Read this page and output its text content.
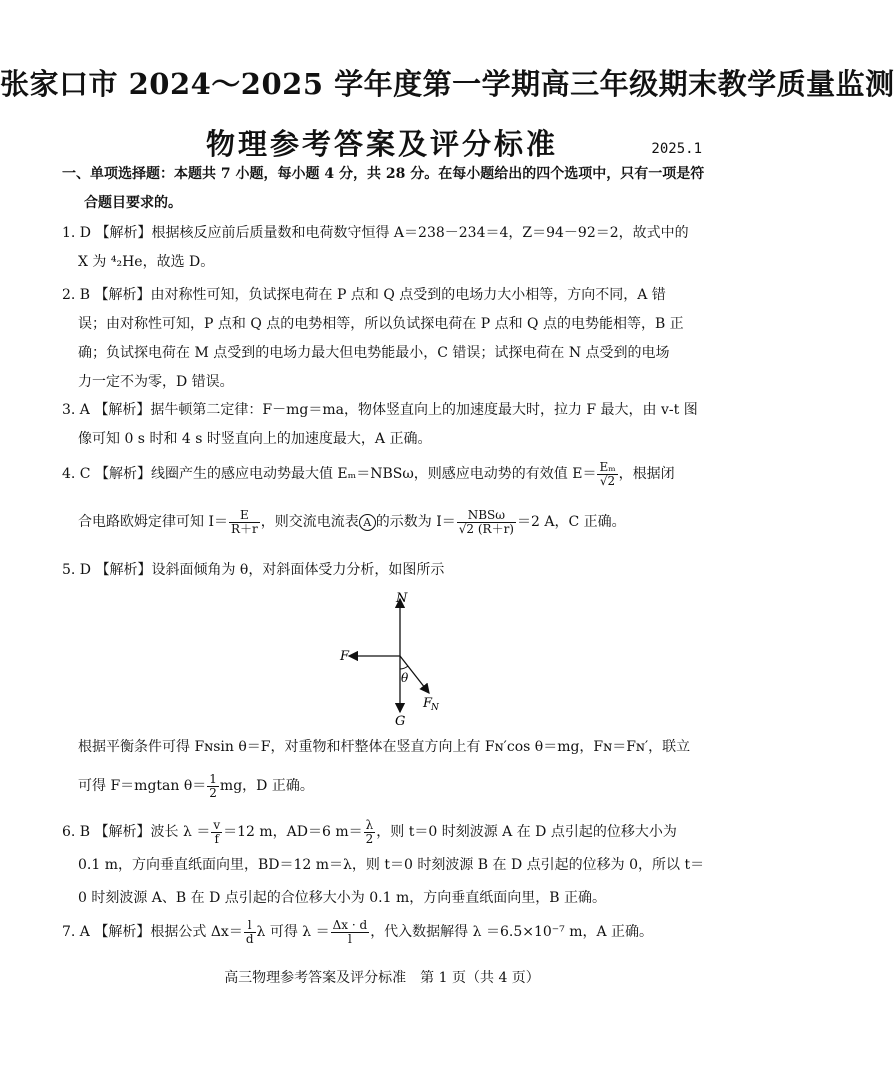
张家口市 2024～2025 学年度第一学期高三年级期末教学质量监测
物理参考答案及评分标准	2025.1
一、单项选择题：本题共 7 小题，每小题 4 分，共 28 分。在每小题给出的四个选项中，只有一项是符
合题目要求的。
1. D 【解析】根据核反应前后质量数和电荷数守恒得 A＝238－234＝4，Z＝94－92＝2，故式中的
X 为 ⁴₂He，故选 D。
2. B 【解析】由对称性可知，负试探电荷在 P 点和 Q 点受到的电场力大小相等，方向不同，A 错
误；由对称性可知，P 点和 Q 点的电势相等，所以负试探电荷在 P 点和 Q 点的电势能相等，B 正
确；负试探电荷在 M 点受到的电场力最大但电势能最小，C 错误；试探电荷在 N 点受到的电场
力一定不为零，D 错误。
3. A 【解析】据牛顿第二定律：F－mg＝ma，物体竖直向上的加速度最大时，拉力 F 最大，由 v-t 图
像可知 0 s 时和 4 s 时竖直向上的加速度最大，A 正确。
4. C 【解析】线圈产生的感应电动势最大值 Eₘ＝NBSω，则感应电动势的有效值 $E= \frac{\text{Eₘ}}{√2}$ ，根据闭
合电路欧姆定律可知 $I= \frac{E}{R+r}$ ，则交流电流表 A 的示数为 $I= \frac{\text{NBSω}}{√2 (R+r)} =2$ A，C 正确。
5. D 【解析】设斜面倾角为 θ，对斜面体受力分析，如图所示
N
F
G
θ
F
N
根据平衡条件可得 Fɴsin θ＝F，对重物和杆整体在竖直方向上有 Fɴ′cos θ＝mg，Fɴ＝Fɴ′，联立
可得 F＝mgtan $\theta= \frac{1}{2}$ mg，D 正确。
6. B 【解析】波长 $\lambda = \frac{v}{f} =12$ m，AD＝6 $m= \frac{\lambda}{2}$ ，则 t＝0 时刻波源 A 在 D 点引起的位移大小为
0.1 m，方向垂直纸面向里，BD＝12 m＝λ，则 t＝0 时刻波源 B 在 D 点引起的位移为 0，所以 t＝
0 时刻波源 A、B 在 D 点引起的合位移大小为 0.1 m，方向垂直纸面向里，B 正确。
7. A 【解析】根据公式 $\Delta x= \frac{l}{d}$ λ 可得 $\lambda = \frac{\Delta x \cdot d}{l}$ ，代入数据解得 λ ＝6.5×10⁻⁷ m，A 正确。
高三物理参考答案及评分标准　第 1 页（共 4 页）
